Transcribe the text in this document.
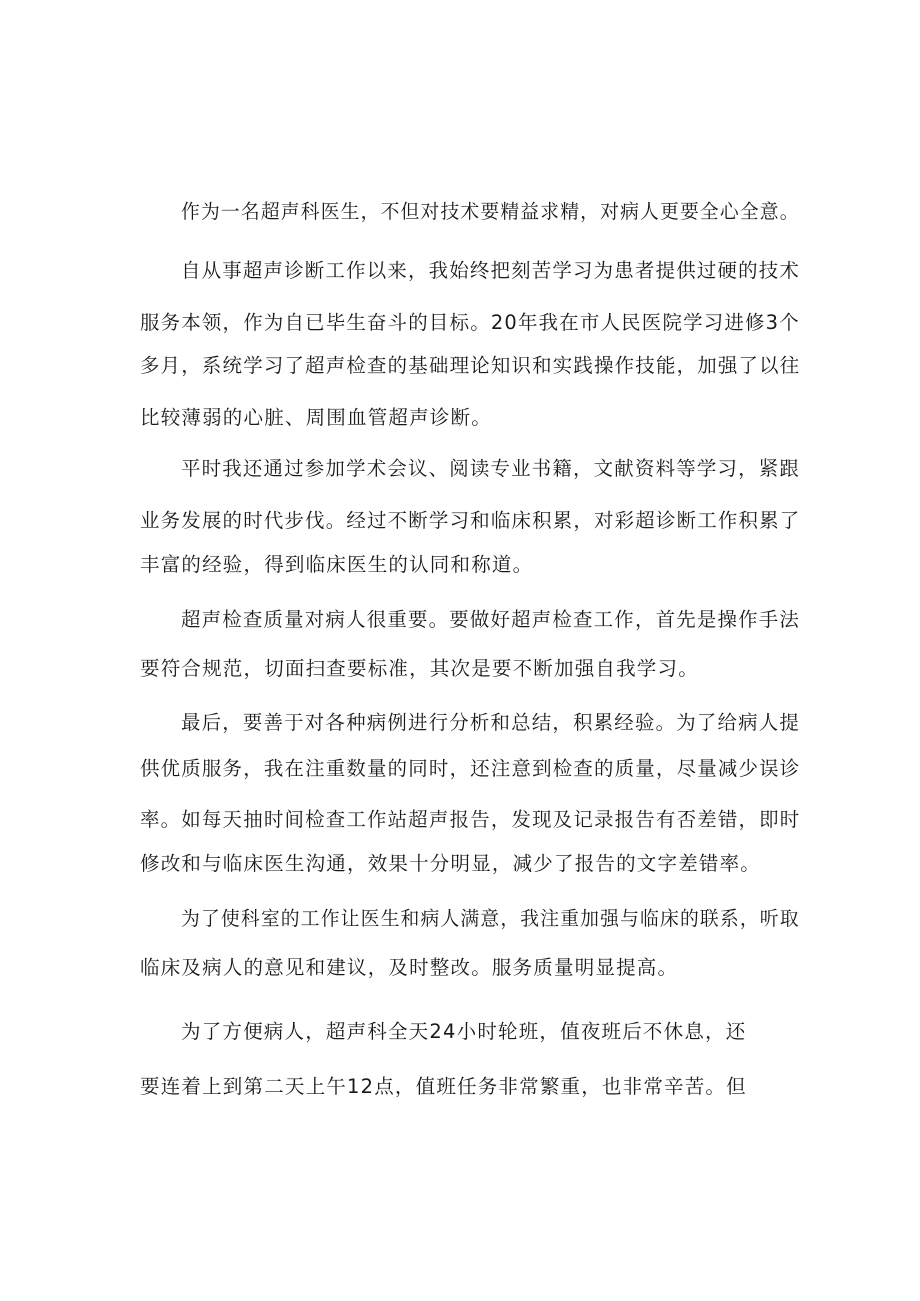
作为一名超声科医生，不但对技术要精益求精，对病人更要全心全意。
自从事超声诊断工作以来，我始终把刻苦学习为患者提供过硬的技术
服务本领，作为自已毕生奋斗的目标。20年我在市人民医院学习进修3个
多月，系统学习了超声检查的基础理论知识和实践操作技能，加强了以往
比较薄弱的心脏、周围血管超声诊断。
平时我还通过参加学术会议、阅读专业书籍，文献资料等学习，紧跟
业务发展的时代步伐。经过不断学习和临床积累，对彩超诊断工作积累了
丰富的经验，得到临床医生的认同和称道。
超声检查质量对病人很重要。要做好超声检查工作，首先是操作手法
要符合规范，切面扫查要标准，其次是要不断加强自我学习。
最后，要善于对各种病例进行分析和总结，积累经验。为了给病人提
供优质服务，我在注重数量的同时，还注意到检查的质量，尽量减少误诊
率。如每天抽时间检查工作站超声报告，发现及记录报告有否差错，即时
修改和与临床医生沟通，效果十分明显，减少了报告的文字差错率。
为了使科室的工作让医生和病人满意，我注重加强与临床的联系，听取
临床及病人的意见和建议，及时整改。服务质量明显提高。
为了方便病人，超声科全天24小时轮班，值夜班后不休息，还
要连着上到第二天上午12点，值班任务非常繁重，也非常辛苦。但
